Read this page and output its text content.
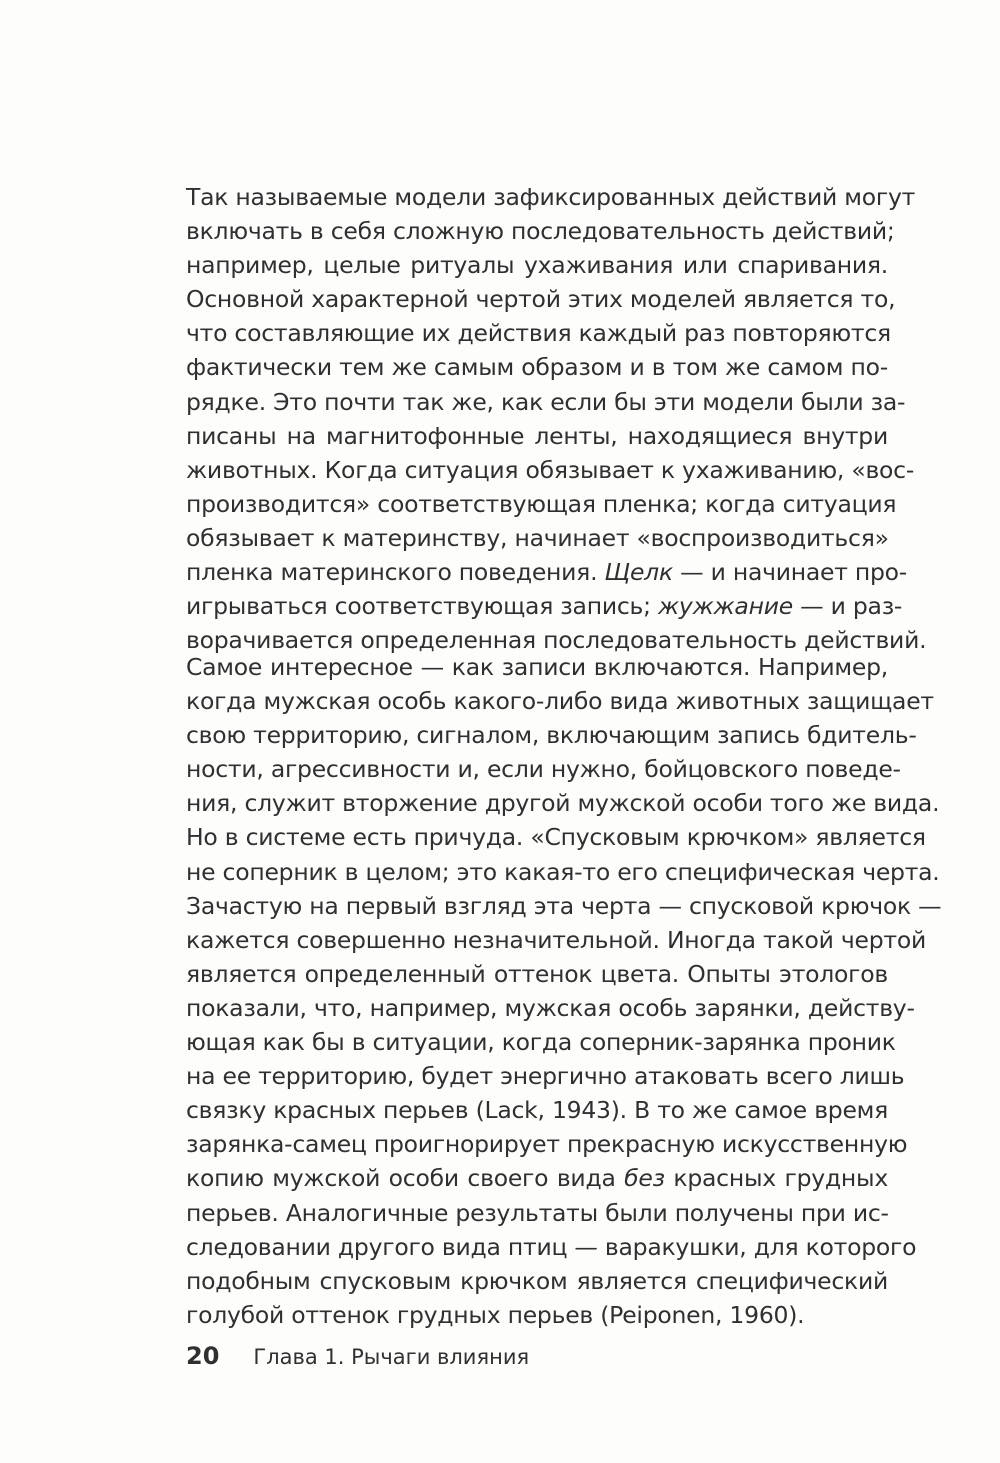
Так называемые модели зафиксированных действий могут
включать в себя сложную последовательность действий;
например, целые ритуалы ухаживания или спаривания.
Основной характерной чертой этих моделей является то,
что составляющие их действия каждый раз повторяются
фактически тем же самым образом и в том же самом по-
рядке. Это почти так же, как если бы эти модели были за-
писаны на магнитофонные ленты, находящиеся внутри
животных. Когда ситуация обязывает к ухаживанию, «вос-
производится» соответствующая пленка; когда ситуация
обязывает к материнству, начинает «воспроизводиться»
пленка материнского поведения. Щелк — и начинает про-
игрываться соответствующая запись; жужжание — и раз-
ворачивается определенная последовательность действий.
Самое интересное — как записи включаются. Например,
когда мужская особь какого-либо вида животных защищает
свою территорию, сигналом, включающим запись бдитель-
ности, агрессивности и, если нужно, бойцовского поведе-
ния, служит вторжение другой мужской особи того же вида.
Но в системе есть причуда. «Спусковым крючком» является
не соперник в целом; это какая-то его специфическая черта.
Зачастую на первый взгляд эта черта — спусковой крючок —
кажется совершенно незначительной. Иногда такой чертой
является определенный оттенок цвета. Опыты этологов
показали, что, например, мужская особь зарянки, действу-
ющая как бы в ситуации, когда соперник-зарянка проник
на ее территорию, будет энергично атаковать всего лишь
связку красных перьев (Lack, 1943). В то же самое время
зарянка-самец проигнорирует прекрасную искусственную
копию мужской особи своего вида без красных грудных
перьев. Аналогичные результаты были получены при ис-
следовании другого вида птиц — варакушки, для которого
подобным спусковым крючком является специфический
голубой оттенок грудных перьев (Peiponen, 1960).
20 Глава 1. Рычаги влияния
